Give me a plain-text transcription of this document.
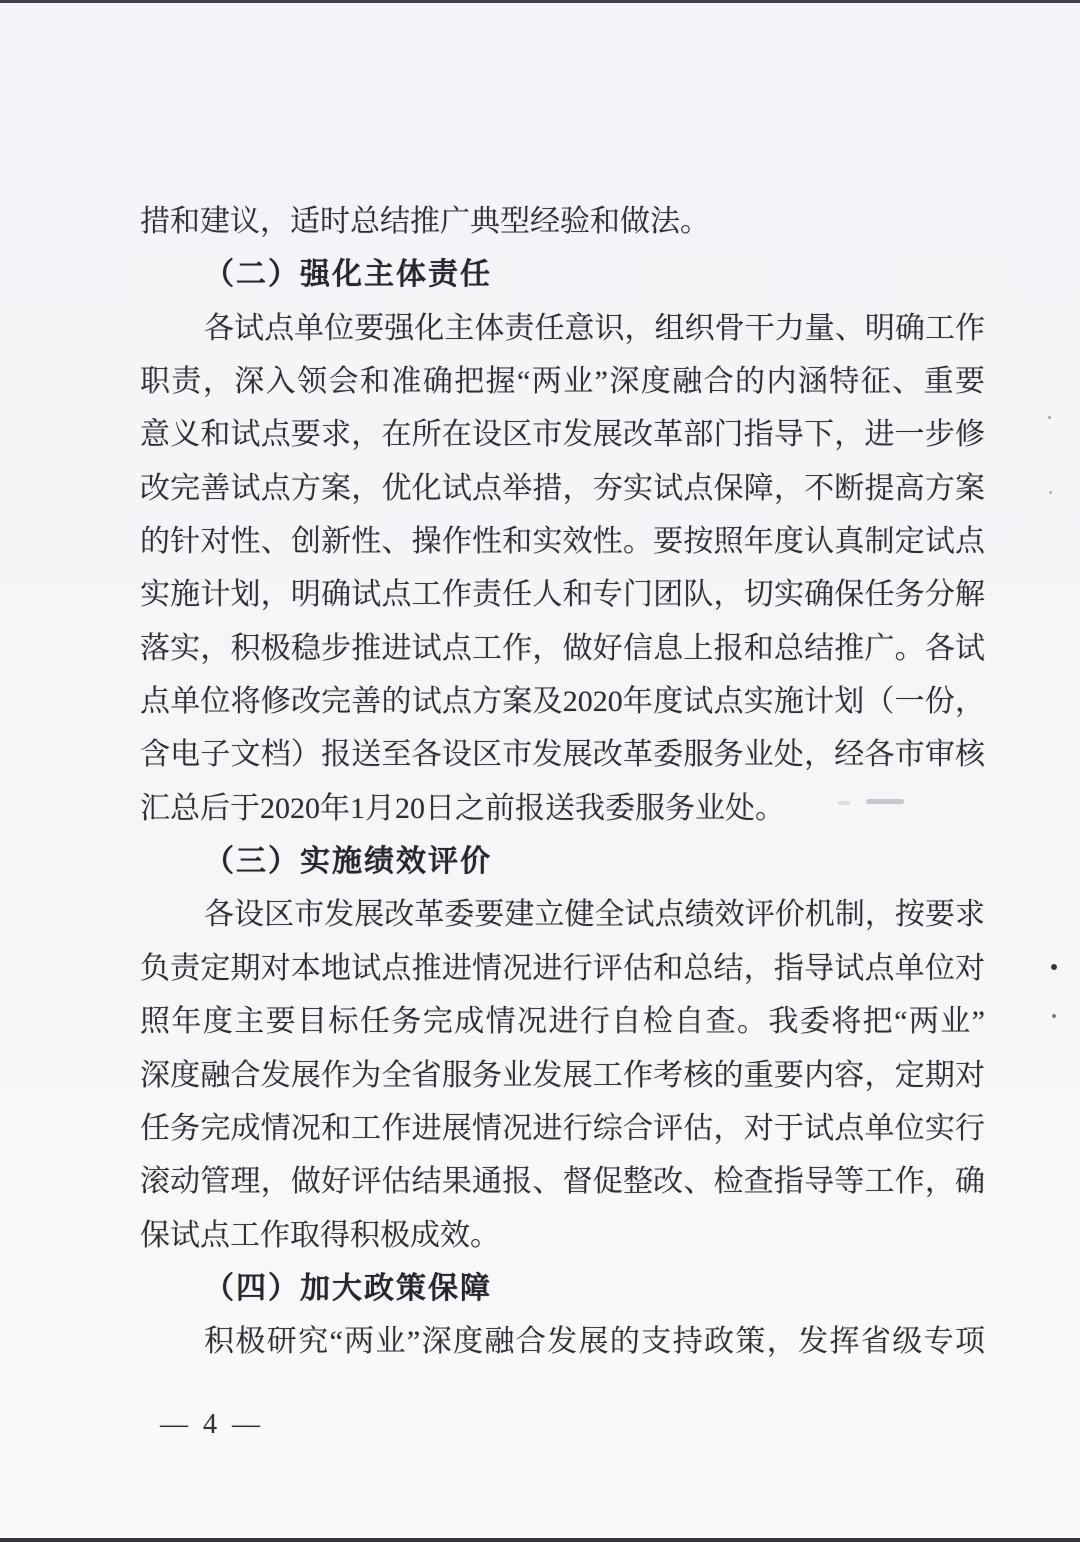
措和建议，适时总结推广典型经验和做法。
（二）强化主体责任
各试点单位要强化主体责任意识，组织骨干力量、明确工作
职责，深入领会和准确把握“两业”深度融合的内涵特征、重要
意义和试点要求，在所在设区市发展改革部门指导下，进一步修
改完善试点方案，优化试点举措，夯实试点保障，不断提高方案
的针对性、创新性、操作性和实效性。要按照年度认真制定试点
实施计划，明确试点工作责任人和专门团队，切实确保任务分解
落实，积极稳步推进试点工作，做好信息上报和总结推广。各试
点单位将修改完善的试点方案及2020年度试点实施计划（一份，
含电子文档）报送至各设区市发展改革委服务业处，经各市审核
汇总后于2020年1月20日之前报送我委服务业处。
（三）实施绩效评价
各设区市发展改革委要建立健全试点绩效评价机制，按要求
负责定期对本地试点推进情况进行评估和总结，指导试点单位对
照年度主要目标任务完成情况进行自检自查。我委将把“两业”
深度融合发展作为全省服务业发展工作考核的重要内容，定期对
任务完成情况和工作进展情况进行综合评估，对于试点单位实行
滚动管理，做好评估结果通报、督促整改、检查指导等工作，确
保试点工作取得积极成效。
（四）加大政策保障
积极研究“两业”深度融合发展的支持政策，发挥省级专项
— 4 —
